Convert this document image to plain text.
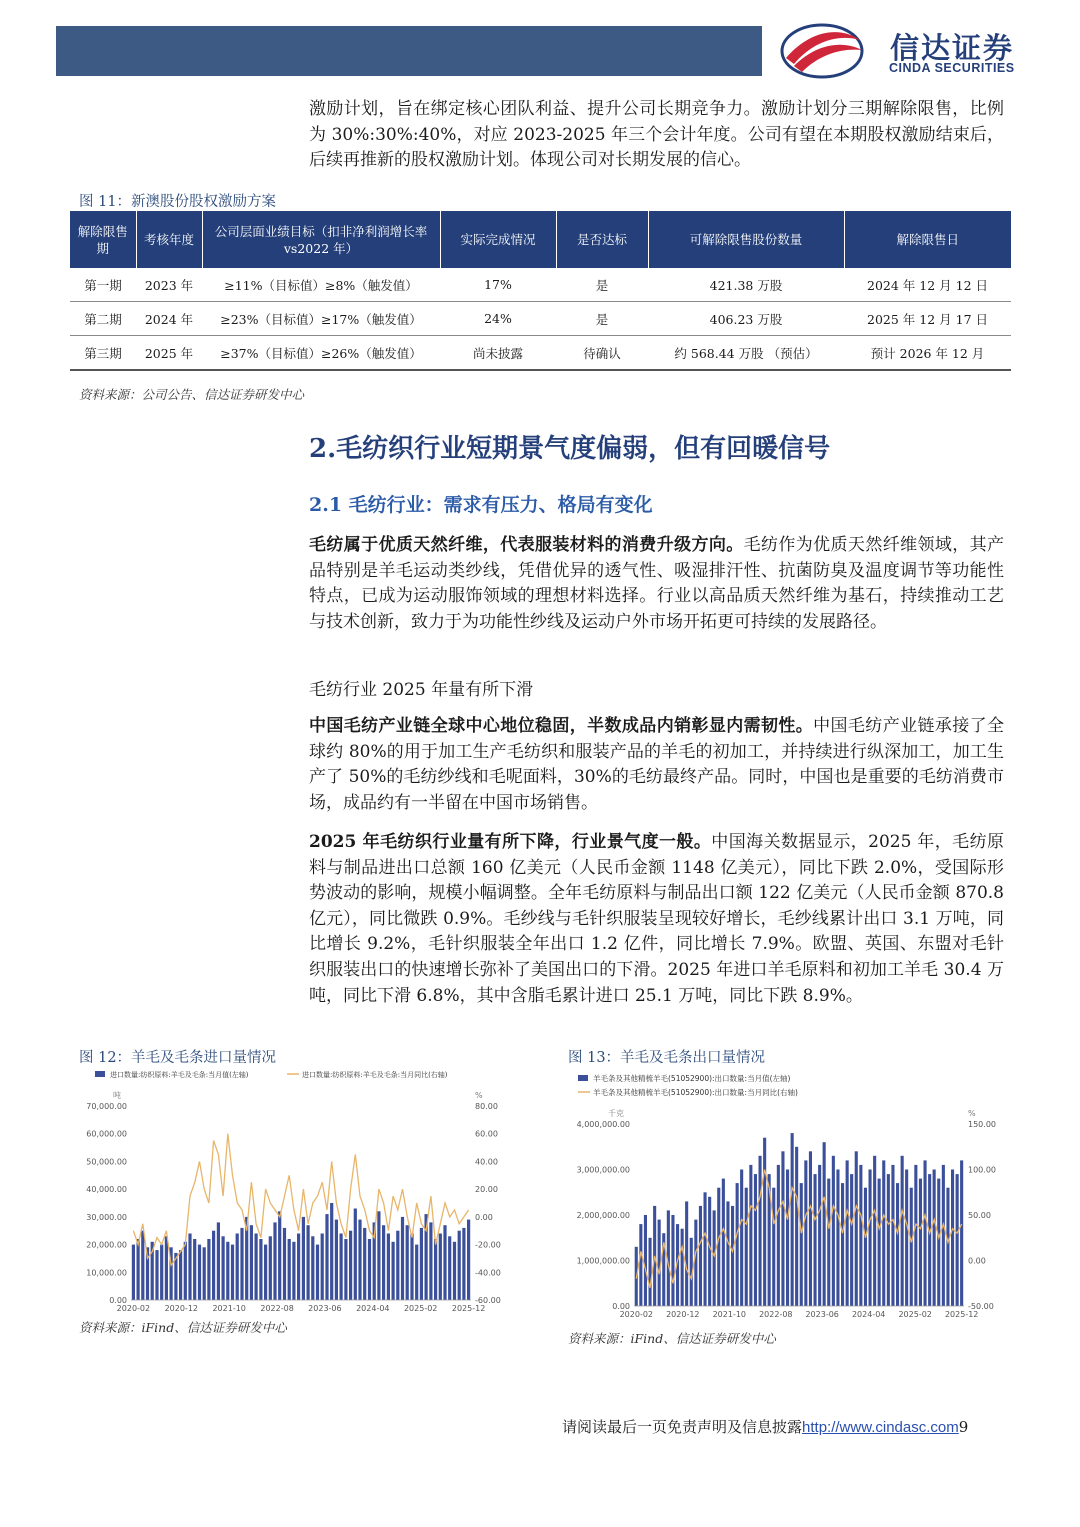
信达证券
CINDA SECURITIES

激励计划，旨在绑定核心团队利益、提升公司长期竞争力。激励计划分三期解除限售，比例为 30%:30%:40%，对应 2023-2025 年三个会计年度。公司有望在本期股权激励结束后，后续再推新的股权激励计划。体现公司对长期发展的信心。

图 11：新澳股份股权激励方案
解除限售期	考核年度	公司层面业绩目标（扣非净利润增长率 vs2022 年）	实际完成情况	是否达标	可解除限售股份数量	解除限售日
第一期	2023 年	≥11%（目标值）≥8%（触发值）	17%	是	421.38 万股	2024 年 12 月 12 日
第二期	2024 年	≥23%（目标值）≥17%（触发值）	24%	是	406.23 万股	2025 年 12 月 17 日
第三期	2025 年	≥37%（目标值）≥26%（触发值）	尚未披露	待确认	约 568.44 万股 （预估）	预计 2026 年 12 月
资料来源：公司公告、信达证券研发中心
2.毛纺织行业短期景气度偏弱，但有回暖信号
2.1 毛纺行业：需求有压力、格局有变化

毛纺属于优质天然纤维，代表服装材料的消费升级方向。毛纺作为优质天然纤维领域，其产品特别是羊毛运动类纱线，凭借优异的透气性、吸湿排汗性、抗菌防臭及温度调节等功能性特点，已成为运动服饰领域的理想材料选择。行业以高品质天然纤维为基石，持续推动工艺与技术创新，致力于为功能性纱线及运动户外市场开拓更可持续的发展路径。

毛纺行业 2025 年量有所下滑

中国毛纺产业链全球中心地位稳固，半数成品内销彰显内需韧性。中国毛纺产业链承接了全球约 80%的用于加工生产毛纺织和服装产品的羊毛的初加工，并持续进行纵深加工，加工生产了 50%的毛纺纱线和毛呢面料，30%的毛纺最终产品。同时，中国也是重要的毛纺消费市场，成品约有一半留在中国市场销售。

2025 年毛纺织行业量有所下降，行业景气度一般。中国海关数据显示，2025 年，毛纺原料与制品进出口总额 160 亿美元（人民币金额 1148 亿美元），同比下跌 2.0%，受国际形势波动的影响，规模小幅调整。全年毛纺原料与制品出口额 122 亿美元（人民币金额 870.8 亿元），同比微跌 0.9%。毛纱线与毛针织服装呈现较好增长，毛纱线累计出口 3.1 万吨，同比增长 9.2%，毛针织服装全年出口 1.2 亿件，同比增长 7.9%。欧盟、英国、东盟对毛针织服装出口的快速增长弥补了美国出口的下滑。2025 年进口羊毛原料和初加工羊毛 30.4 万吨，同比下滑 6.8%，其中含脂毛累计进口 25.1 万吨，同比下跌 8.9%。

图 12：羊毛及毛条进口量情况
进口数量:纺织原料:羊毛及毛条:当月值(左轴)	进口数量:纺织原料:羊毛及毛条:当月同比(右轴)
吨	%
0.00
10,000.00
20,000.00
30,000.00
40,000.00
50,000.00
60,000.00
70,000.00
-60.00
-40.00
-20.00
0.00
20.00
40.00
60.00
80.00
2020-02 2020-12 2021-10 2022-08 2023-06 2024-04 2025-02 2025-12
资料来源：iFind、信达证券研发中心
图 13：羊毛及毛条出口量情况
羊毛条及其他精梳羊毛(51052900):出口数量:当月值(左轴)
羊毛条及其他精梳羊毛(51052900):出口数量:当月同比(右轴)
千克	%
0.00
1,000,000.00
2,000,000.00
3,000,000.00
4,000,000.00
-50.00
0.00
50.00
100.00
150.00
2020-02 2020-12 2021-10 2022-08 2023-06 2024-04 2025-02 2025-12
资料来源：iFind、信达证券研发中心
请阅读最后一页免责声明及信息披露http://www.cindasc.com9
